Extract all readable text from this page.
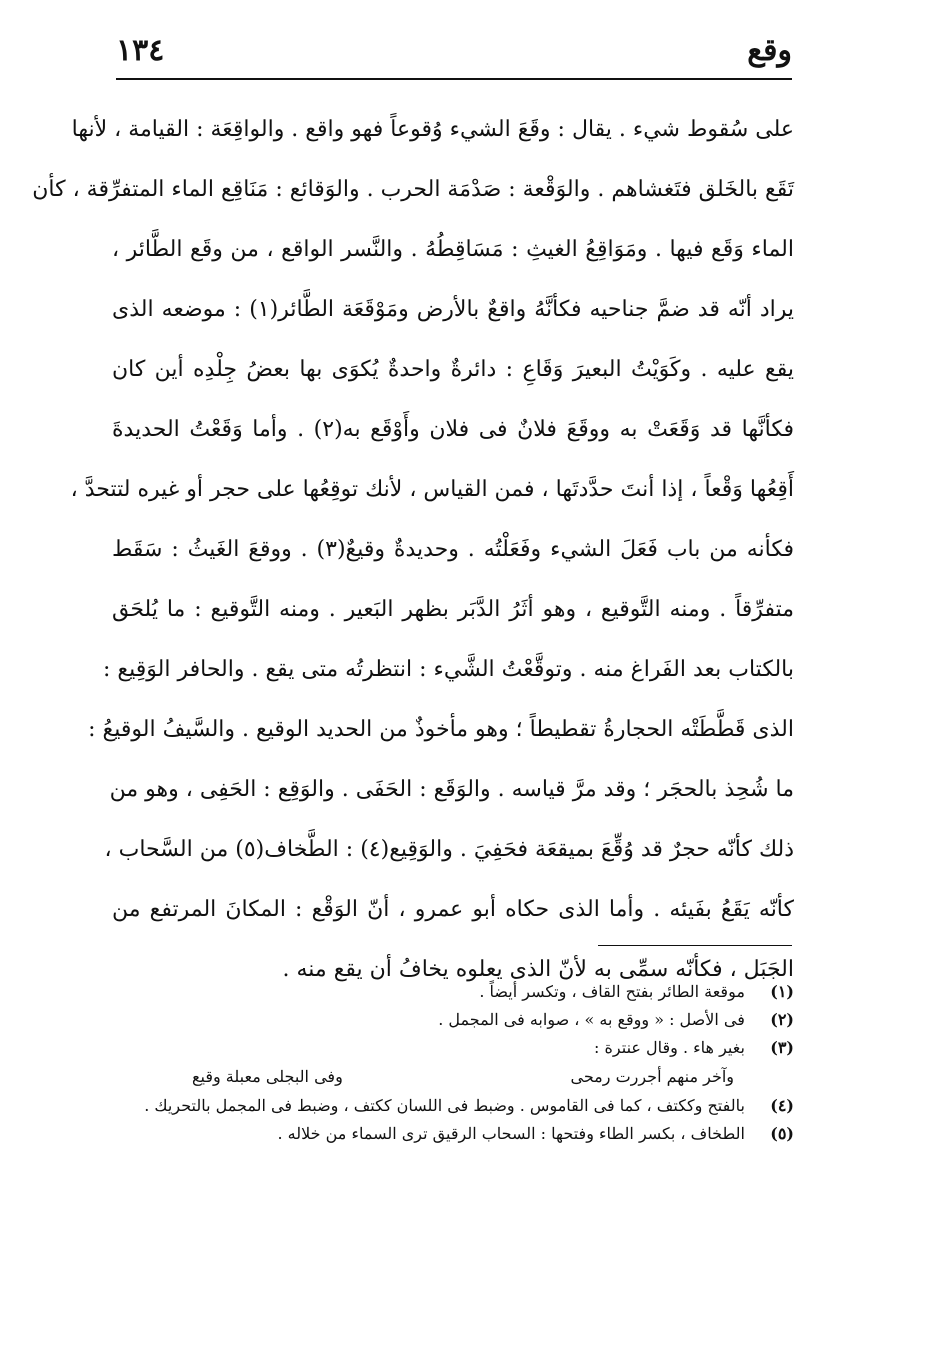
١٣٤	وقع
على سُقوط شيء . يقال : وقَعَ الشيء وُقوعاً فهو واقع . والواقِعَة : القيامة ، لأنها
تَقَع بالخَلق فتَغشاهم . والوَقْعة : صَدْمَة الحرب . والوَقائع : مَنَاقِع الماء المتفرِّقة ، كأن
الماء وَقَع فيها . ومَوَاقِعُ الغيثِ : مَسَاقِطُهُ . والنَّسر الواقع ، من وقَع الطَّائر ،
يراد أنّه قد ضمَّ جناحيه فكأنَّهُ واقعٌ بالأرض ومَوْقَعَة الطَّائر(١) : موضعه الذى
يقع عليه . وكَوَيْتُ البعيرَ وَقَاعِ : دائرةٌ واحدةٌ يُكوَى بها بعضُ جِلْدِه أين كان
فكأنَّها قد وَقَعَتْ به ووقَعَ فلانٌ فى فلان وأَوْقَع به(٢) . وأما وَقَعْتُ الحديدةَ
أَقِعُها وَقْعاً ، إذا أنتَ حدَّدتَها ، فمن القياس ، لأنك توقِعُها على حجر أو غيره لتتحدَّ ،
فكأنه من باب فَعَلَ الشيء وفَعَلْتُه . وحديدةٌ وقيعٌ(٣) . ووقعَ الغَيثُ : سَقَط
متفرِّقاً . ومنه التَّوقيع ، وهو أثَرُ الدَّبَر بظهر البَعير . ومنه التَّوقيع : ما يُلحَق
بالكتاب بعد الفَراغ منه . وتوقَّعْتُ الشَّيء : انتظرتُه متى يقع . والحافر الوَقِيع :
الذى قَطَّطَتْه الحجارةُ تقطيطاً ؛ وهو مأخوذٌ من الحديد الوقيع . والسَّيفُ الوقيعُ :
ما شُحِذ بالحجَر ؛ وقد مرَّ قياسه . والوَقَع : الحَفَى . والوَقِع : الحَفِى ، وهو من
ذلك كأنّه حجرٌ قد وُقِّعَ بميقعَة فحَفِيَ . والوَقِيع(٤) : الطَّخاف(٥) من السَّحاب ،
كأنّه يَقَعُ بفَيئه . وأما الذى حكاه أبو عمرو ، أنّ الوَقْع : المكانَ المرتفع من
الجَبَل ، فكأنّه سمِّى به لأنّ الذى يعلوه يخافُ أن يقع منه .
(١) موقعة الطائر بفتح القاف ، وتكسر أيضاً .
(٢) فى الأصل : « ووقع به » ، صوابه فى المجمل .
(٣) بغير هاء . وقال عنترة :
وآخر منهم أجررت رمحى
وفى البجلى معبلة وقيع
(٤) بالفتح وككتف ، كما فى القاموس . وضبط فى اللسان ككتف ، وضبط فى المجمل بالتحريك .
(٥) الطخاف ، بكسر الطاء وفتحها : السحاب الرقيق ترى السماء من خلاله .
